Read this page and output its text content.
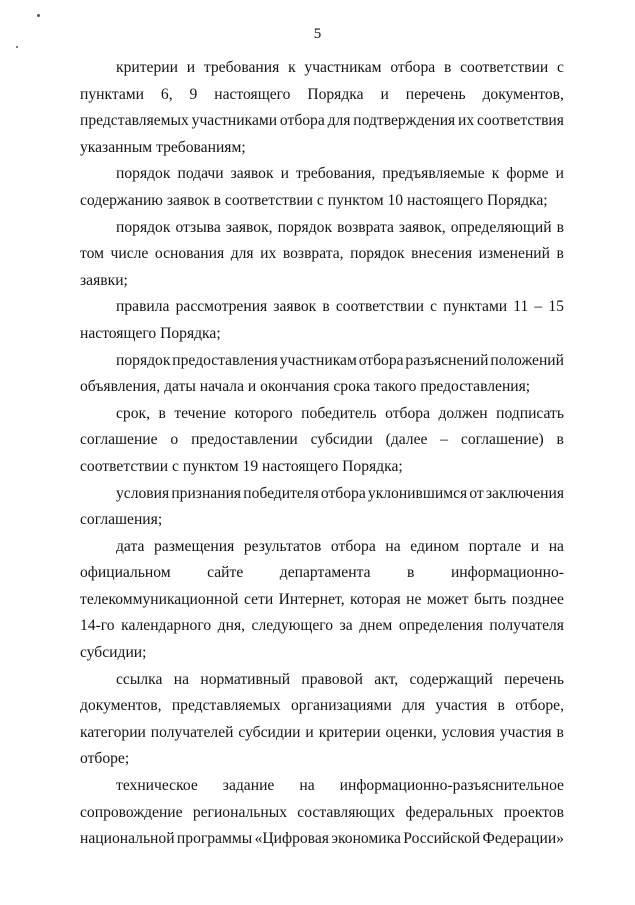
5
критерии и требования к участникам отбора в соответствии с
пунктами 6, 9 настоящего Порядка и перечень документов,
представляемых участниками отбора для подтверждения их соответствия
указанным требованиям;
порядок подачи заявок и требования, предъявляемые к форме и
содержанию заявок в соответствии с пунктом 10 настоящего Порядка;
порядок отзыва заявок, порядок возврата заявок, определяющий в
том числе основания для их возврата, порядок внесения изменений в
заявки;
правила рассмотрения заявок в соответствии с пунктами 11 – 15
настоящего Порядка;
порядок предоставления участникам отбора разъяснений положений
объявления, даты начала и окончания срока такого предоставления;
срок, в течение которого победитель отбора должен подписать
соглашение о предоставлении субсидии (далее – соглашение) в
соответствии с пунктом 19 настоящего Порядка;
условия признания победителя отбора уклонившимся от заключения
соглашения;
дата размещения результатов отбора на едином портале и на
официальном сайте департамента в информационно-
телекоммуникационной сети Интернет, которая не может быть позднее
14-го календарного дня, следующего за днем определения получателя
субсидии;
ссылка на нормативный правовой акт, содержащий перечень
документов, представляемых организациями для участия в отборе,
категории получателей субсидии и критерии оценки, условия участия в
отборе;
техническое задание на информационно-разъяснительное
сопровождение региональных составляющих федеральных проектов
национальной программы «Цифровая экономика Российской Федерации»
